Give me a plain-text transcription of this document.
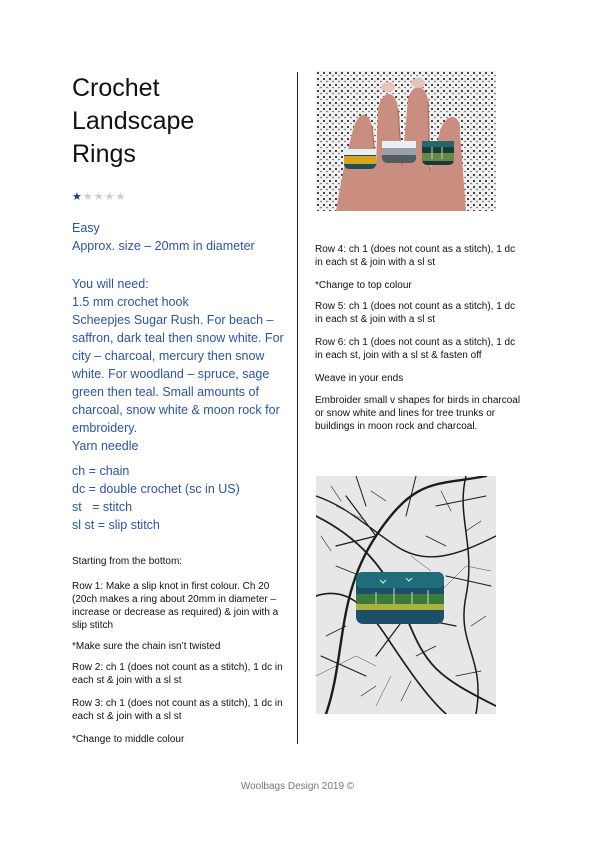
Crochet
Landscape
Rings
★★★★★
Easy
Approx. size – 20mm in diameter
You will need:
1.5 mm crochet hook
Scheepjes Sugar Rush. For beach – saffron, dark teal then snow white. For city – charcoal, mercury then snow white. For woodland – spruce, sage green then teal. Small amounts of charcoal, snow white & moon rock for embroidery.
Yarn needle
ch = chain
dc = double crochet (sc in US)
st   = stitch
sl st = slip stitch

Starting from the bottom:

Row 1: Make a slip knot in first colour. Ch 20 (20ch makes a ring about 20mm in diameter – increase or decrease as required) & join with a slip stitch

*Make sure the chain isn’t twisted

Row 2: ch 1 (does not count as a stitch), 1 dc in each st & join with a sl st

Row 3: ch 1 (does not count as a stitch), 1 dc in each st & join with a sl st

*Change to middle colour

Row 4: ch 1 (does not count as a stitch), 1 dc in each st & join with a sl st

*Change to top colour

Row 5: ch 1 (does not count as a stitch), 1 dc in each st & join with a sl st

Row 6: ch 1 (does not count as a stitch), 1 dc in each st, join with a sl st & fasten off

Weave in your ends

Embroider small v shapes for birds in charcoal or snow white and lines for tree trunks or buildings in moon rock and charcoal.

Woolbags Design 2019 ©
